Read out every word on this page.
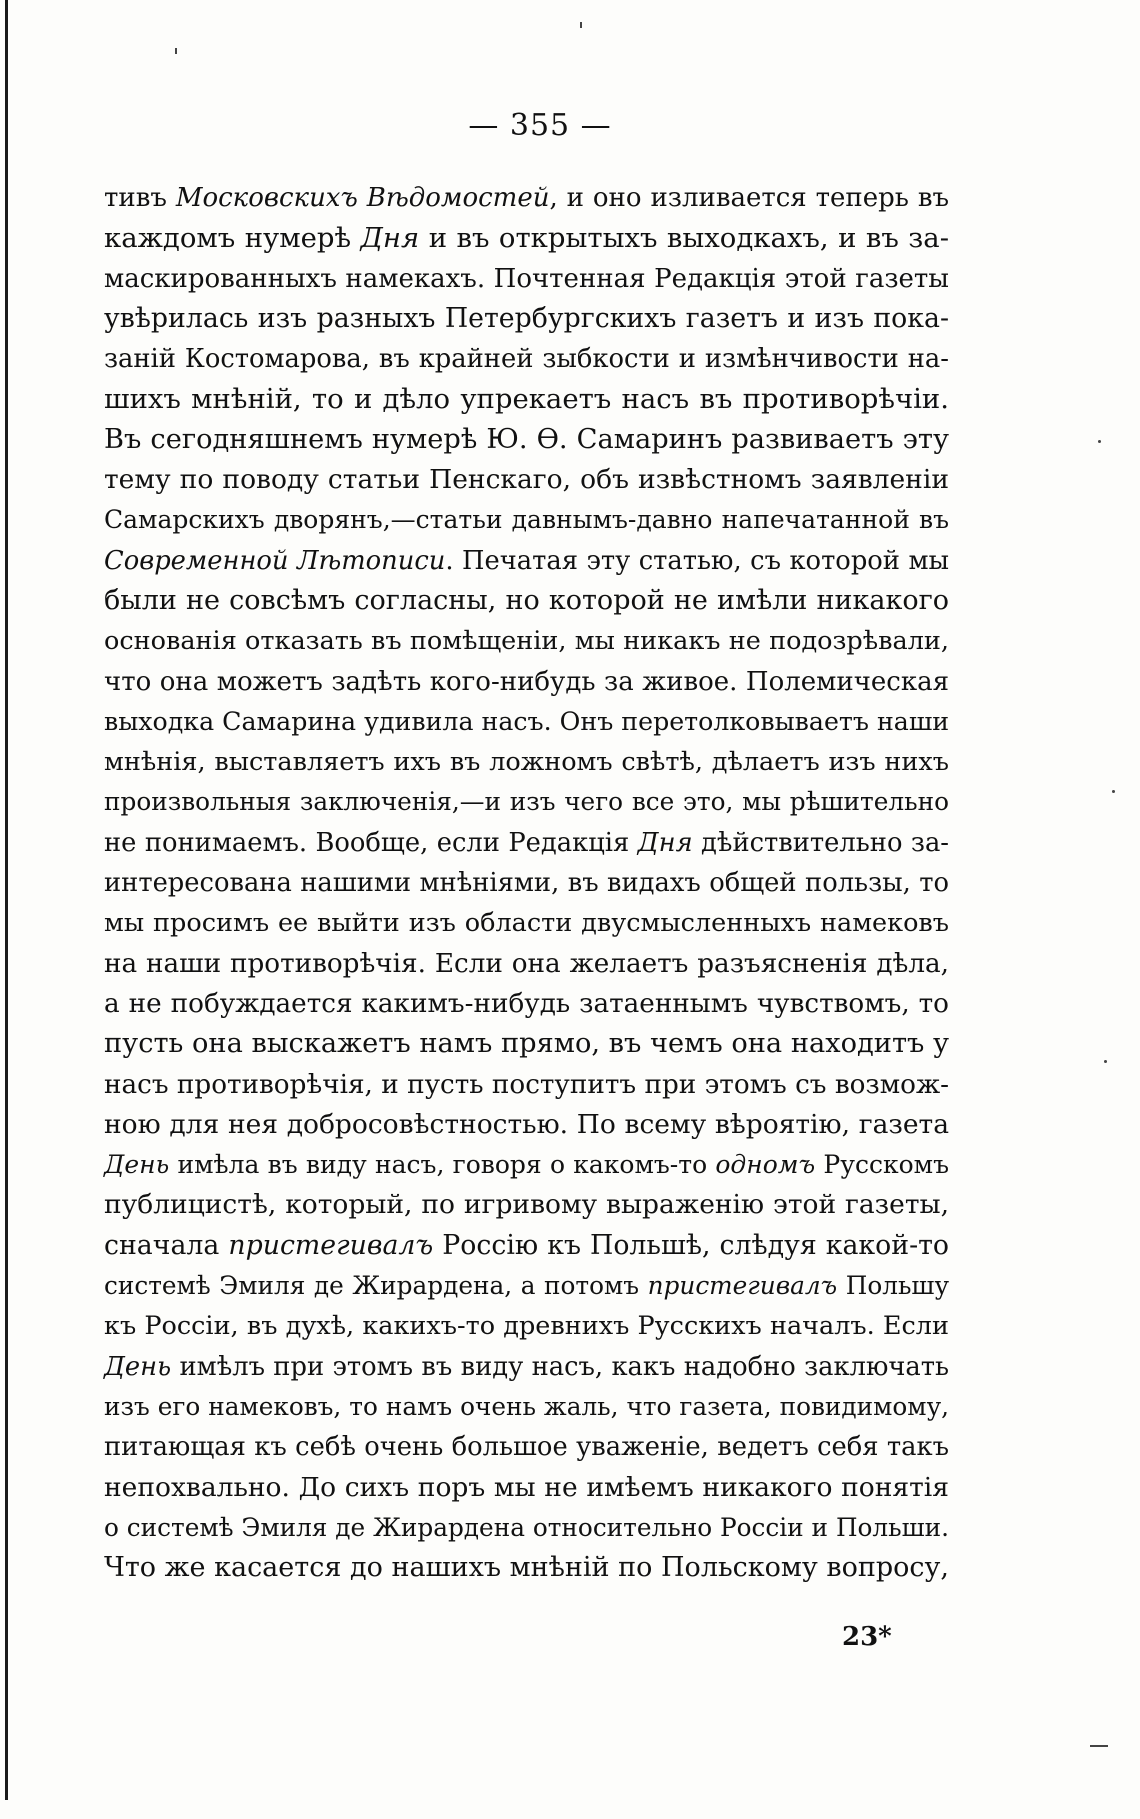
— 355 —
тивъ Московскихъ Вѣдомостей, и оно изливается теперь въ
каждомъ нумерѣ Дня и въ открытыхъ выходкахъ, и въ за-
маскированныхъ намекахъ. Почтенная Редакція этой газеты
увѣрилась изъ разныхъ Петербургскихъ газетъ и изъ пока-
заній Костомарова, въ крайней зыбкости и измѣнчивости на-
шихъ мнѣній, то и дѣло упрекаетъ насъ въ противорѣчіи.
Въ сегодняшнемъ нумерѣ Ю. Ѳ. Самаринъ развиваетъ эту
тему по поводу статьи Пенскаго, объ извѣстномъ заявленіи
Самарскихъ дворянъ,—статьи давнымъ-давно напечатанной въ
Современной Лѣтописи. Печатая эту статью, съ которой мы
были не совсѣмъ согласны, но которой не имѣли никакого
основанія отказать въ помѣщеніи, мы никакъ не подозрѣвали,
что она можетъ задѣть кого-нибудь за живое. Полемическая
выходка Самарина удивила насъ. Онъ перетолковываетъ наши
мнѣнія, выставляетъ ихъ въ ложномъ свѣтѣ, дѣлаетъ изъ нихъ
произвольныя заключенія,—и изъ чего все это, мы рѣшительно
не понимаемъ. Вообще, если Редакція Дня дѣйствительно за-
интересована нашими мнѣніями, въ видахъ общей пользы, то
мы просимъ ее выйти изъ области двусмысленныхъ намековъ
на наши противорѣчія. Если она желаетъ разъясненія дѣла,
а не побуждается какимъ-нибудь затаеннымъ чувствомъ, то
пусть она выскажетъ намъ прямо, въ чемъ она находитъ у
насъ противорѣчія, и пусть поступитъ при этомъ съ возмож-
ною для нея добросовѣстностью. По всему вѣроятію, газета
День имѣла въ виду насъ, говоря о какомъ-то одномъ Русскомъ
публицистѣ, который, по игривому выраженію этой газеты,
сначала пристегивалъ Россію къ Польшѣ, слѣдуя какой-то
системѣ Эмиля де Жирардена, а потомъ пристегивалъ Польшу
къ Россіи, въ духѣ, какихъ-то древнихъ Русскихъ началъ. Если
День имѣлъ при этомъ въ виду насъ, какъ надобно заключать
изъ его намековъ, то намъ очень жаль, что газета, повидимому,
питающая къ себѣ очень большое уваженіе, ведетъ себя такъ
непохвально. До сихъ поръ мы не имѣемъ никакого понятія
о системѣ Эмиля де Жирардена относительно Россіи и Польши.
Что же касается до нашихъ мнѣній по Польскому вопросу,
23*
